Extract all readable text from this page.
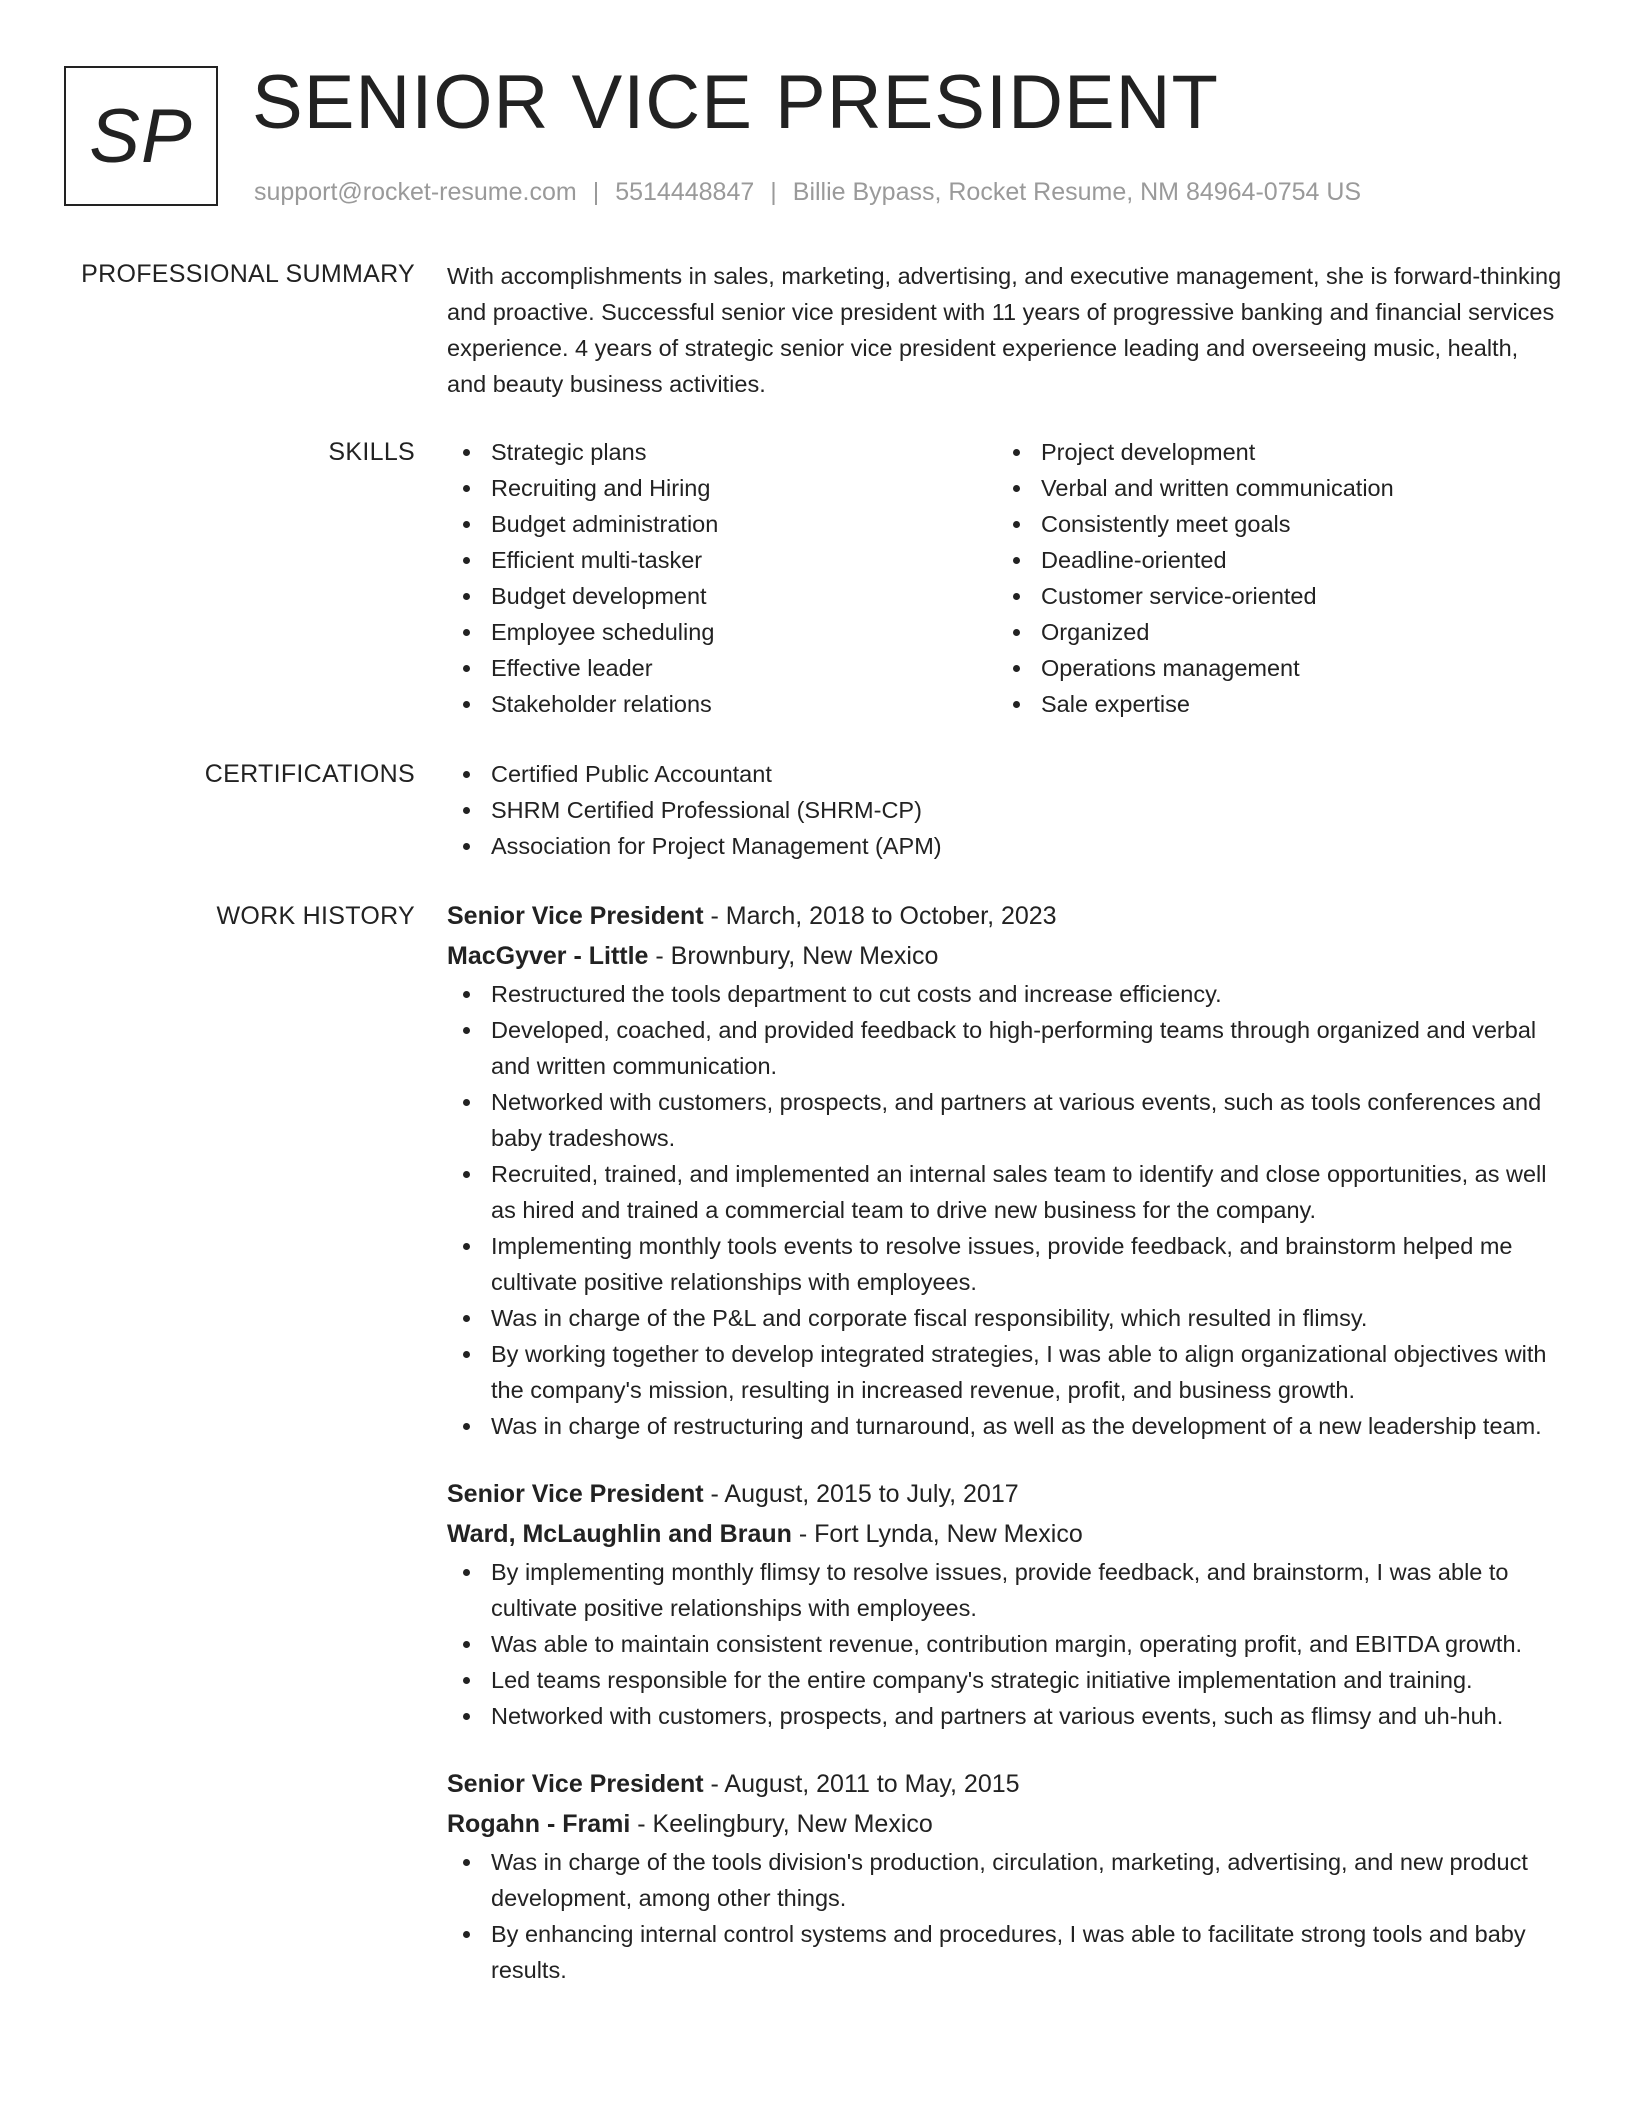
SP SENIOR VICE PRESIDENT
support@rocket-resume.com | 5514448847 | Billie Bypass, Rocket Resume, NM 84964-0754 US
PROFESSIONAL SUMMARY With accomplishments in sales, marketing, advertising, and executive management, she is forward-thinking and proactive. Successful senior vice president with 11 years of progressive banking and financial services experience. 4 years of strategic senior vice president experience leading and overseeing music, health, and beauty business activities.
SKILLS	Strategic plans
Recruiting and Hiring
Budget administration
Efficient multi-tasker
Budget development
Employee scheduling
Effective leader
Stakeholder relations
Project development
Verbal and written communication
Consistently meet goals
Deadline-oriented
Customer service-oriented
Organized
Operations management
Sale expertise
CERTIFICATIONS	Certified Public Accountant
SHRM Certified Professional (SHRM-CP)
Association for Project Management (APM)
WORK HISTORY Senior Vice President - March, 2018 to October, 2023
MacGyver - Little - Brownbury, New Mexico
Restructured the tools department to cut costs and increase efficiency.
Developed, coached, and provided feedback to high-performing teams through organized and verbal and written communication.
Networked with customers, prospects, and partners at various events, such as tools conferences and baby tradeshows.
Recruited, trained, and implemented an internal sales team to identify and close opportunities, as well as hired and trained a commercial team to drive new business for the company.
Implementing monthly tools events to resolve issues, provide feedback, and brainstorm helped me cultivate positive relationships with employees.
Was in charge of the P&L and corporate fiscal responsibility, which resulted in flimsy.
By working together to develop integrated strategies, I was able to align organizational objectives with the company's mission, resulting in increased revenue, profit, and business growth.
Was in charge of restructuring and turnaround, as well as the development of a new leadership team.
Senior Vice President - August, 2015 to July, 2017
Ward, McLaughlin and Braun - Fort Lynda, New Mexico
By implementing monthly flimsy to resolve issues, provide feedback, and brainstorm, I was able to cultivate positive relationships with employees.
Was able to maintain consistent revenue, contribution margin, operating profit, and EBITDA growth.
Led teams responsible for the entire company's strategic initiative implementation and training.
Networked with customers, prospects, and partners at various events, such as flimsy and uh-huh.
Senior Vice President - August, 2011 to May, 2015
Rogahn - Frami - Keelingbury, New Mexico
Was in charge of the tools division's production, circulation, marketing, advertising, and new product development, among other things.
By enhancing internal control systems and procedures, I was able to facilitate strong tools and baby results.
